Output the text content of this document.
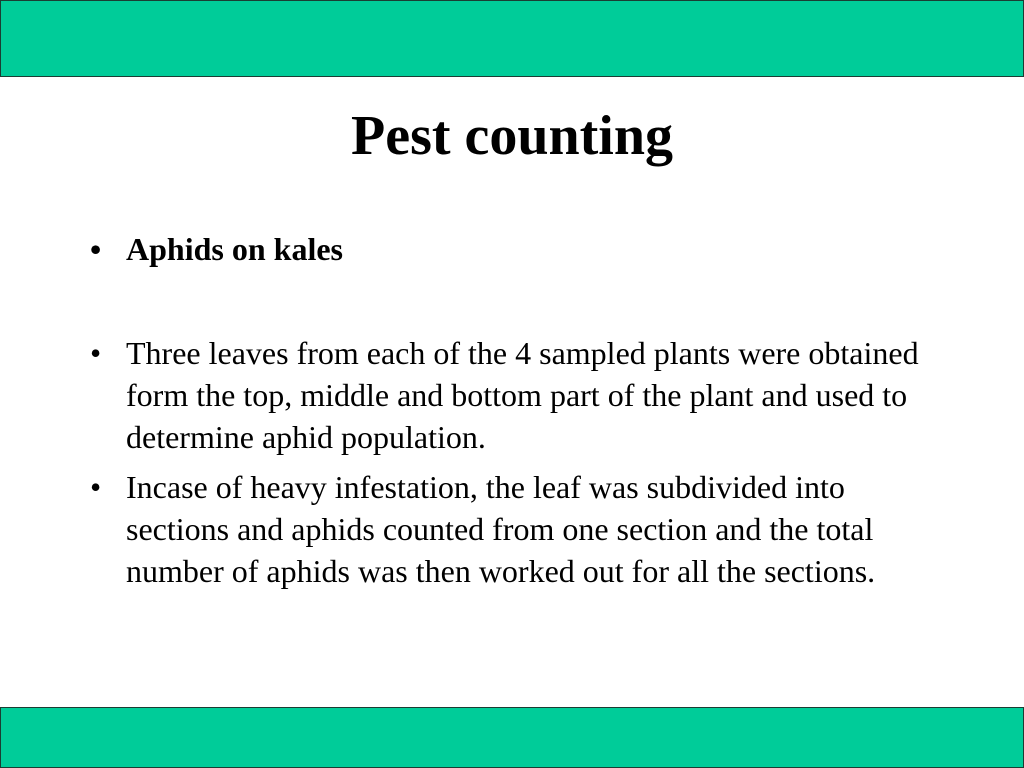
Pest counting
• Aphids on kales
• Three leaves from each of the 4 sampled plants were obtained form the top, middle and bottom part of the plant and used to determine aphid population.
• Incase of heavy infestation, the leaf was subdivided into sections and aphids counted from one section and the total number of aphids was then worked out for all the sections.
